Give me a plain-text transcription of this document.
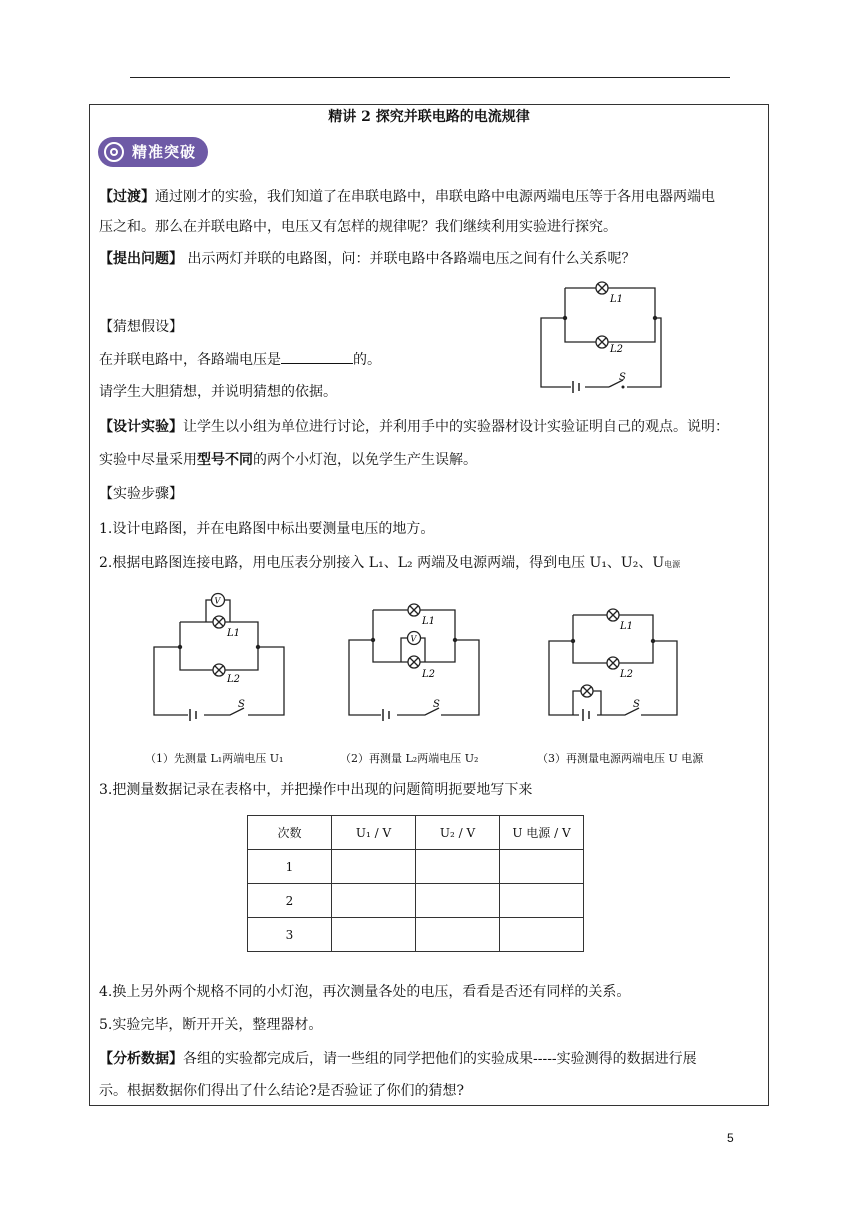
精讲 2 探究并联电路的电流规律
精准突破
【过渡】通过刚才的实验，我们知道了在串联电路中，串联电路中电源两端电压等于各用电器两端电
压之和。那么在并联电路中，电压又有怎样的规律呢？我们继续利用实验进行探究。
【提出问题】 出示两灯并联的电路图，问：并联电路中各路端电压之间有什么关系呢？
【猜想假设】
在并联电路中，各路端电压是	的。
请学生大胆猜想，并说明猜想的依据。
L1
L2
S
【设计实验】让学生以小组为单位进行讨论，并利用手中的实验器材设计实验证明自己的观点。说明：
实验中尽量采用型号不同的两个小灯泡，以免学生产生误解。
【实验步骤】
1.设计电路图，并在电路图中标出要测量电压的地方。
2.根据电路图连接电路，用电压表分别接入 L₁、L₂ 两端及电源两端，得到电压 U₁、U₂、U电源
V
L1
L2
S
V
L1
L2
S
L1
L2
S
（1）先测量 L₁两端电压 U₁	（2）再测量 L₂两端电压 U₂	（3）再测量电源两端电压 U 电源
3.把测量数据记录在表格中，并把操作中出现的问题简明扼要地写下来
次数	U₁ / V	U₂ / V	U 电源 / V
1			
2			
3			
4.换上另外两个规格不同的小灯泡，再次测量各处的电压，看看是否还有同样的关系。
5.实验完毕，断开开关，整理器材。
【分析数据】各组的实验都完成后，请一些组的同学把他们的实验成果-----实验测得的数据进行展
示。根据数据你们得出了什么结论?是否验证了你们的猜想?
5
